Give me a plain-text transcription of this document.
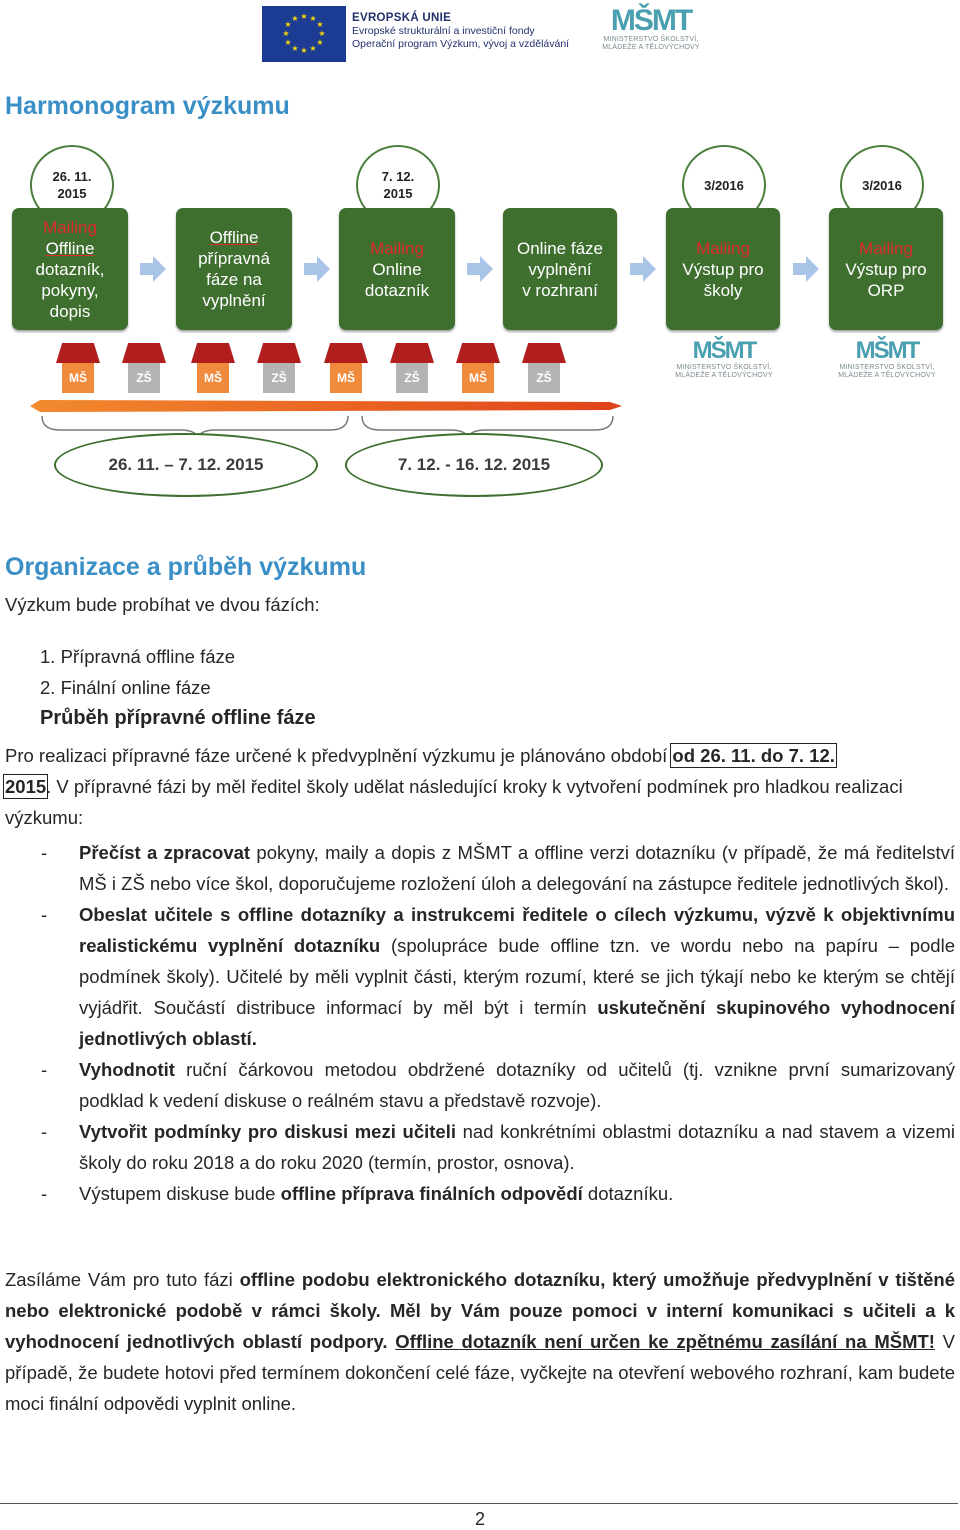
★ ★
★
★
★
★
★
★
★
★
★
★	EVROPSKÁ UNIE
Evropské strukturální a investiční fondy
Operační program Výzkum, vývoj a vzdělávání
MŠMT
MINISTERSTVO ŠKOLSTVÍ,
MLÁDEŽE A TĚLOVÝCHOVY
Harmonogram výzkumu
26. 11. 2015
7. 12. 2015
3/2016	3/2016
Mailing
Offline
dotazník,
pokyny,
dopis
Offline
přípravná
fáze na
vyplnění
Mailing
Online
dotazník
Online fáze
vyplnění
v rozhraní
Mailing
Výstup pro
školy
Mailing
Výstup pro
ORP
MŠ	ZŠ	MŠ	ZŠ	MŠ	ZŠ	MŠ	ZŠ
MŠMT
MINISTERSTVO ŠKOLSTVÍ,
MLÁDEŽE A TĚLOVÝCHOVY
MŠMT
MINISTERSTVO ŠKOLSTVÍ,
MLÁDEŽE A TĚLOVÝCHOVY
26. 11. – 7. 12. 2015	7. 12. - 16. 12. 2015
Organizace a průběh výzkumu
Výzkum bude probíhat ve dvou fázích:
1. Přípravná offline fáze
2. Finální online fáze
Průběh přípravné offline fáze
Pro realizaci přípravné fáze určené k předvyplnění výzkumu je plánováno období od 26. 11. do 7. 12.
2015. V přípravné fázi by měl ředitel školy udělat následující kroky k vytvoření podmínek pro hladkou realizaci výzkumu:
- Přečíst a zpracovat pokyny, maily a dopis z MŠMT a offline verzi dotazníku (v případě, že má ředitelství MŠ i ZŠ nebo více škol, doporučujeme rozložení úloh a delegování na zástupce ředitele jednotlivých škol).
- Obeslat učitele s offline dotazníky a instrukcemi ředitele o cílech výzkumu, výzvě k objektivnímu realistickému vyplnění dotazníku (spolupráce bude offline tzn. ve wordu nebo na papíru – podle podmínek školy). Učitelé by měli vyplnit části, kterým rozumí, které se jich týkají nebo ke kterým se chtějí vyjádřit. Součástí distribuce informací by měl být i termín uskutečnění skupinového vyhodnocení jednotlivých oblastí.
- Vyhodnotit ruční čárkovou metodou obdržené dotazníky od učitelů (tj. vznikne první sumarizovaný podklad k vedení diskuse o reálném stavu a představě rozvoje).
- Vytvořit podmínky pro diskusi mezi učiteli nad konkrétními oblastmi dotazníku a nad stavem a vizemi školy do roku 2018 a do roku 2020 (termín, prostor, osnova).
- Výstupem diskuse bude offline příprava finálních odpovědí dotazníku.
Zasíláme Vám pro tuto fázi offline podobu elektronického dotazníku, který umožňuje předvyplnění v tištěné nebo elektronické podobě v rámci školy. Měl by Vám pouze pomoci v interní komunikaci s učiteli a k vyhodnocení jednotlivých oblastí podpory. Offline dotazník není určen ke zpětnému zasílání na MŠMT! V případě, že budete hotovi před termínem dokončení celé fáze, vyčkejte na otevření webového rozhraní, kam budete moci finální odpovědi vyplnit online.
2
